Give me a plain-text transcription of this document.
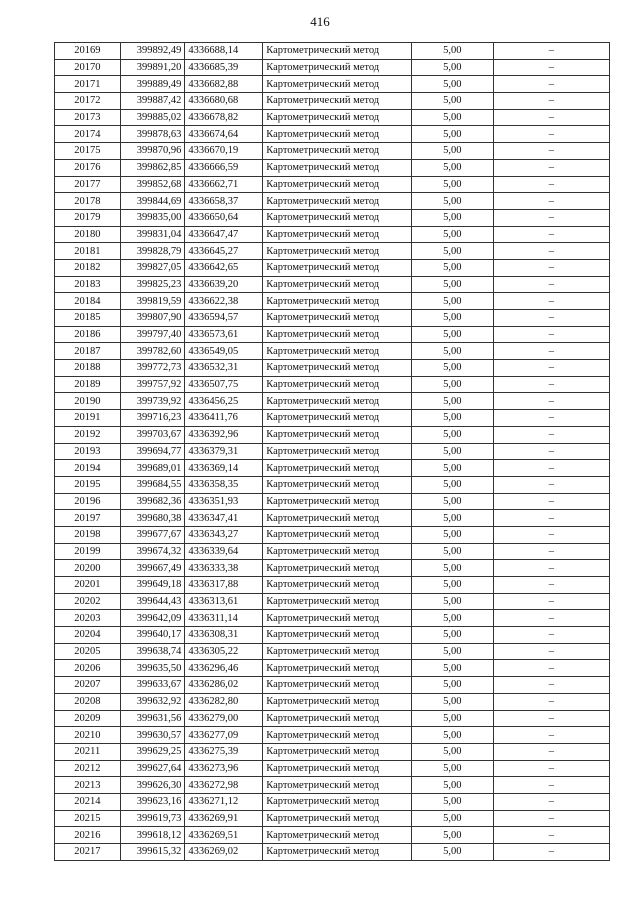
416
20169	399892,49	4336688,14	Картометрический метод	5,00	–
20170	399891,20	4336685,39	Картометрический метод	5,00	–
20171	399889,49	4336682,88	Картометрический метод	5,00	–
20172	399887,42	4336680,68	Картометрический метод	5,00	–
20173	399885,02	4336678,82	Картометрический метод	5,00	–
20174	399878,63	4336674,64	Картометрический метод	5,00	–
20175	399870,96	4336670,19	Картометрический метод	5,00	–
20176	399862,85	4336666,59	Картометрический метод	5,00	–
20177	399852,68	4336662,71	Картометрический метод	5,00	–
20178	399844,69	4336658,37	Картометрический метод	5,00	–
20179	399835,00	4336650,64	Картометрический метод	5,00	–
20180	399831,04	4336647,47	Картометрический метод	5,00	–
20181	399828,79	4336645,27	Картометрический метод	5,00	–
20182	399827,05	4336642,65	Картометрический метод	5,00	–
20183	399825,23	4336639,20	Картометрический метод	5,00	–
20184	399819,59	4336622,38	Картометрический метод	5,00	–
20185	399807,90	4336594,57	Картометрический метод	5,00	–
20186	399797,40	4336573,61	Картометрический метод	5,00	–
20187	399782,60	4336549,05	Картометрический метод	5,00	–
20188	399772,73	4336532,31	Картометрический метод	5,00	–
20189	399757,92	4336507,75	Картометрический метод	5,00	–
20190	399739,92	4336456,25	Картометрический метод	5,00	–
20191	399716,23	4336411,76	Картометрический метод	5,00	–
20192	399703,67	4336392,96	Картометрический метод	5,00	–
20193	399694,77	4336379,31	Картометрический метод	5,00	–
20194	399689,01	4336369,14	Картометрический метод	5,00	–
20195	399684,55	4336358,35	Картометрический метод	5,00	–
20196	399682,36	4336351,93	Картометрический метод	5,00	–
20197	399680,38	4336347,41	Картометрический метод	5,00	–
20198	399677,67	4336343,27	Картометрический метод	5,00	–
20199	399674,32	4336339,64	Картометрический метод	5,00	–
20200	399667,49	4336333,38	Картометрический метод	5,00	–
20201	399649,18	4336317,88	Картометрический метод	5,00	–
20202	399644,43	4336313,61	Картометрический метод	5,00	–
20203	399642,09	4336311,14	Картометрический метод	5,00	–
20204	399640,17	4336308,31	Картометрический метод	5,00	–
20205	399638,74	4336305,22	Картометрический метод	5,00	–
20206	399635,50	4336296,46	Картометрический метод	5,00	–
20207	399633,67	4336286,02	Картометрический метод	5,00	–
20208	399632,92	4336282,80	Картометрический метод	5,00	–
20209	399631,56	4336279,00	Картометрический метод	5,00	–
20210	399630,57	4336277,09	Картометрический метод	5,00	–
20211	399629,25	4336275,39	Картометрический метод	5,00	–
20212	399627,64	4336273,96	Картометрический метод	5,00	–
20213	399626,30	4336272,98	Картометрический метод	5,00	–
20214	399623,16	4336271,12	Картометрический метод	5,00	–
20215	399619,73	4336269,91	Картометрический метод	5,00	–
20216	399618,12	4336269,51	Картометрический метод	5,00	–
20217	399615,32	4336269,02	Картометрический метод	5,00	–
